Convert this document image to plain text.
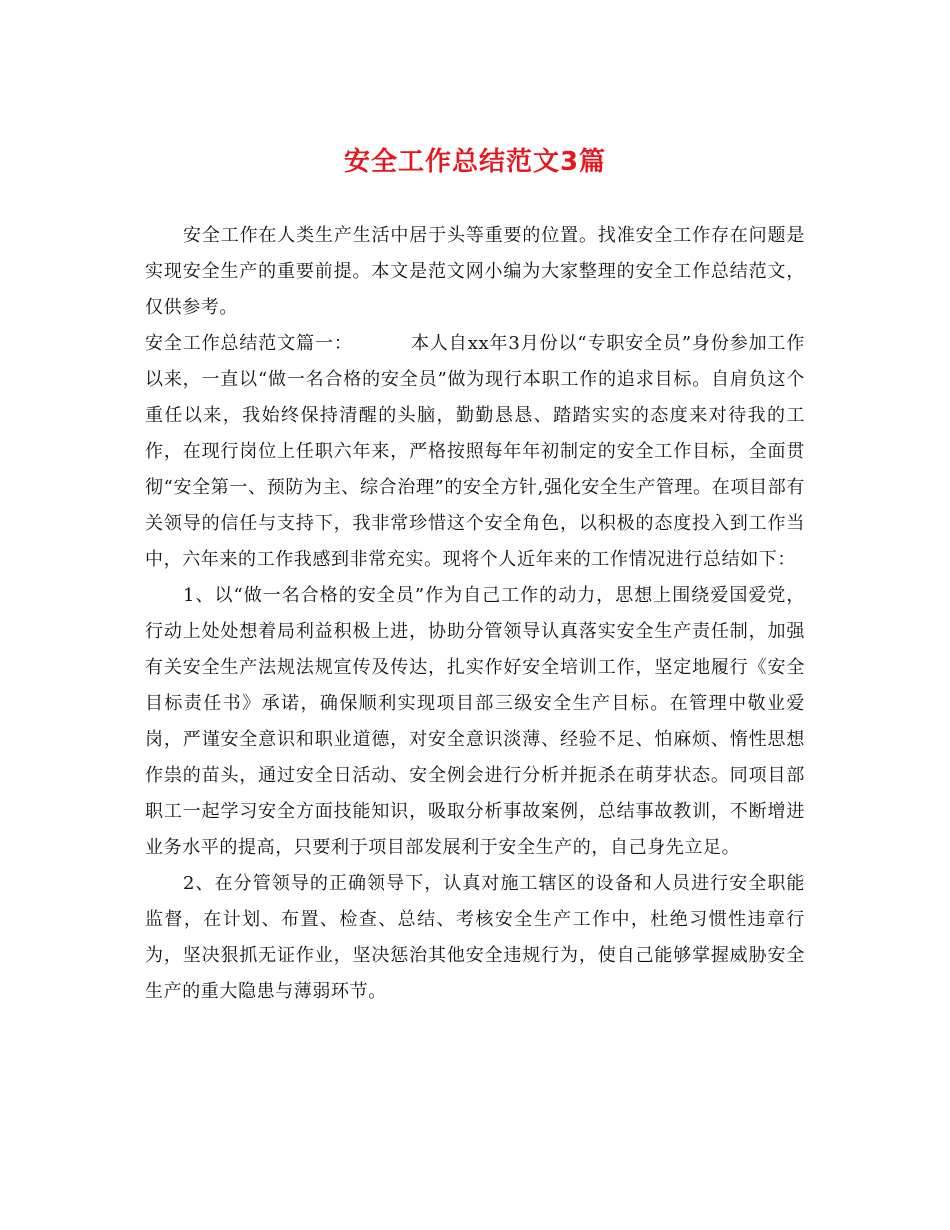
安全工作总结范文3篇

安全工作在人类生产生活中居于头等重要的位置。找准安全工作存在问题是实现安全生产的重要前提。本文是范文网小编为大家整理的安全工作总结范文，仅供参考。

安全工作总结范文篇一：	本人自xx年3月份以“专职安全员”身份参加工作以来，一直以“做一名合格的安全员”做为现行本职工作的追求目标。自肩负这个重任以来，我始终保持清醒的头脑，勤勤恳恳、踏踏实实的态度来对待我的工作，在现行岗位上任职六年来，严格按照每年年初制定的安全工作目标，全面贯彻“安全第一、预防为主、综合治理”的安全方针,强化安全生产管理。在项目部有关领导的信任与支持下，我非常珍惜这个安全角色，以积极的态度投入到工作当中，六年来的工作我感到非常充实。现将个人近年来的工作情况进行总结如下：

1、以“做一名合格的安全员”作为自己工作的动力，思想上围绕爱国爱党，行动上处处想着局利益积极上进，协助分管领导认真落实安全生产责任制，加强有关安全生产法规法规宣传及传达，扎实作好安全培训工作，坚定地履行《安全目标责任书》承诺，确保顺利实现项目部三级安全生产目标。在管理中敬业爱岗，严谨安全意识和职业道德，对安全意识淡薄、经验不足、怕麻烦、惰性思想作祟的苗头，通过安全日活动、安全例会进行分析并扼杀在萌芽状态。同项目部职工一起学习安全方面技能知识，吸取分析事故案例，总结事故教训，不断增进业务水平的提高，只要利于项目部发展利于安全生产的，自己身先立足。

2、在分管领导的正确领导下，认真对施工辖区的设备和人员进行安全职能监督，在计划、布置、检查、总结、考核安全生产工作中，杜绝习惯性违章行为，坚决狠抓无证作业，坚决惩治其他安全违规行为，使自己能够掌握威胁安全生产的重大隐患与薄弱环节。
